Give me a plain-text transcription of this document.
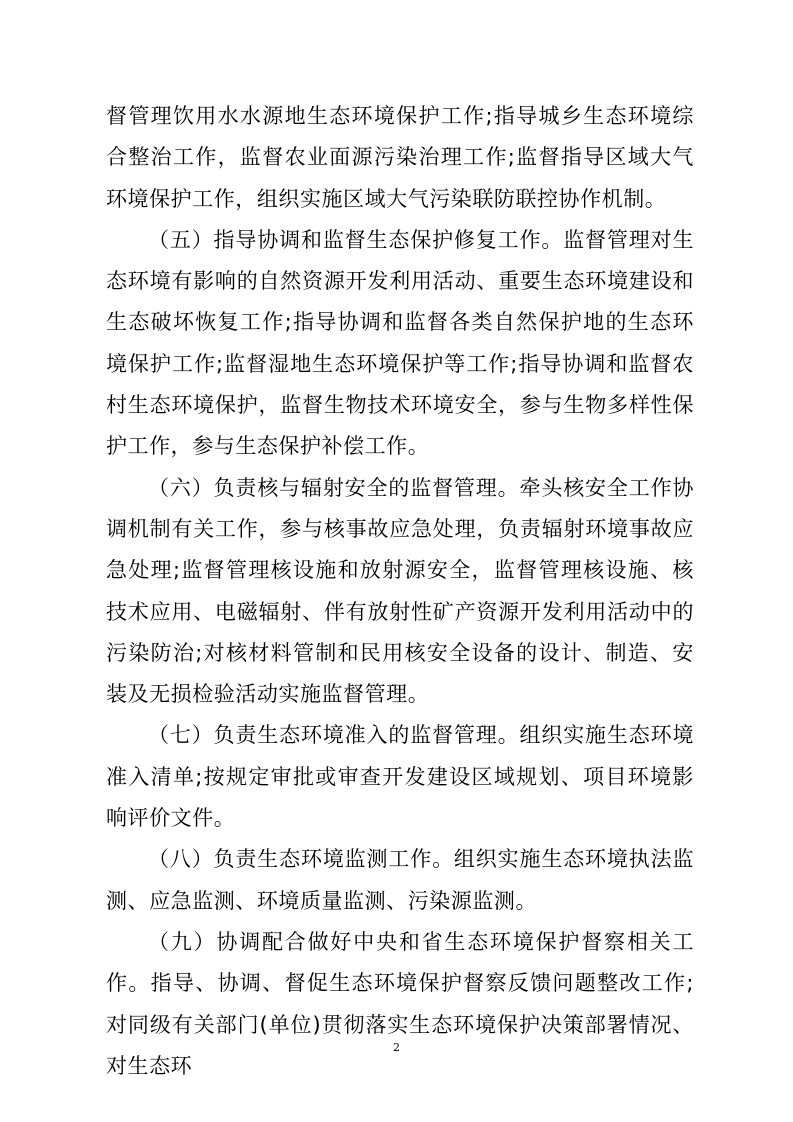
督管理饮用水水源地生态环境保护工作;指导城乡生态环境综合整治工作，监督农业面源污染治理工作;监督指导区域大气环境保护工作，组织实施区域大气污染联防联控协作机制。

（五）指导协调和监督生态保护修复工作。监督管理对生态环境有影响的自然资源开发利用活动、重要生态环境建设和生态破坏恢复工作;指导协调和监督各类自然保护地的生态环境保护工作;监督湿地生态环境保护等工作;指导协调和监督农村生态环境保护，监督生物技术环境安全，参与生物多样性保护工作，参与生态保护补偿工作。

（六）负责核与辐射安全的监督管理。牵头核安全工作协调机制有关工作，参与核事故应急处理，负责辐射环境事故应急处理;监督管理核设施和放射源安全，监督管理核设施、核技术应用、电磁辐射、伴有放射性矿产资源开发利用活动中的污染防治;对核材料管制和民用核安全设备的设计、制造、安装及无损检验活动实施监督管理。

（七）负责生态环境准入的监督管理。组织实施生态环境准入清单;按规定审批或审查开发建设区域规划、项目环境影响评价文件。

（八）负责生态环境监测工作。组织实施生态环境执法监测、应急监测、环境质量监测、污染源监测。

（九）协调配合做好中央和省生态环境保护督察相关工作。指导、协调、督促生态环境保护督察反馈问题整改工作;对同级有关部门(单位)贯彻落实生态环境保护决策部署情况、对生态环

2
